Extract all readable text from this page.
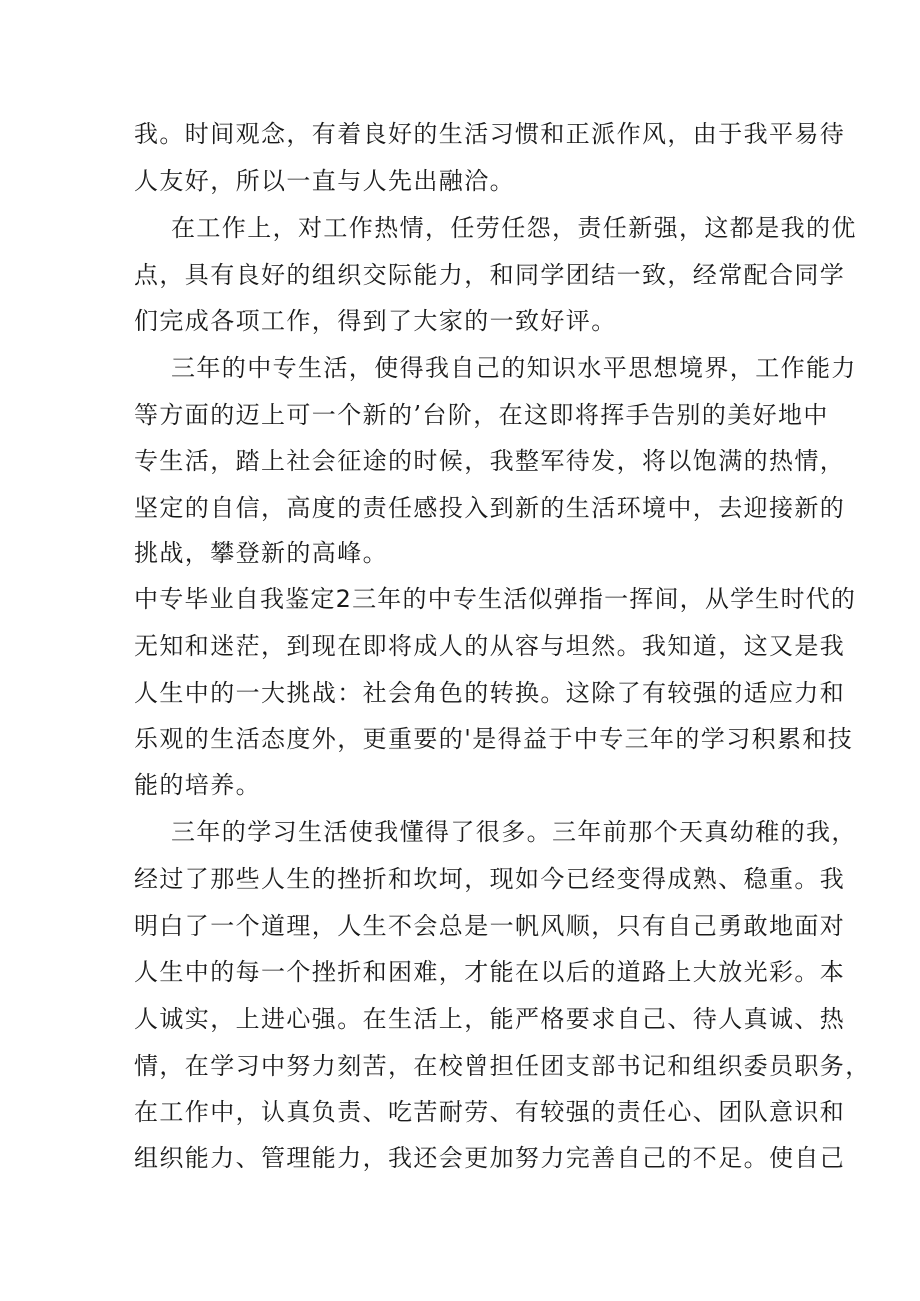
我。时间观念，有着良好的生活习惯和正派作风，由于我平易待
人友好，所以一直与人先出融洽。
在工作上，对工作热情，任劳任怨，责任新强，这都是我的优
点，具有良好的组织交际能力，和同学团结一致，经常配合同学
们完成各项工作，得到了大家的一致好评。
三年的中专生活，使得我自己的知识水平思想境界，工作能力
等方面的迈上可一个新的’台阶，在这即将挥手告别的美好地中
专生活，踏上社会征途的时候，我整军待发，将以饱满的热情，
坚定的自信，高度的责任感投入到新的生活环境中，去迎接新的
挑战，攀登新的高峰。
中专毕业自我鉴定2三年的中专生活似弹指一挥间，从学生时代的
无知和迷茫，到现在即将成人的从容与坦然。我知道，这又是我
人生中的一大挑战：社会角色的转换。这除了有较强的适应力和
乐观的生活态度外，更重要的'是得益于中专三年的学习积累和技
能的培养。
三年的学习生活使我懂得了很多。三年前那个天真幼稚的我，
经过了那些人生的挫折和坎坷，现如今已经变得成熟、稳重。我
明白了一个道理，人生不会总是一帆风顺，只有自己勇敢地面对
人生中的每一个挫折和困难，才能在以后的道路上大放光彩。本
人诚实，上进心强。在生活上，能严格要求自己、待人真诚、热
情，在学习中努力刻苦，在校曾担任团支部书记和组织委员职务，
在工作中，认真负责、吃苦耐劳、有较强的责任心、团队意识和
组织能力、管理能力，我还会更加努力完善自己的不足。使自己
